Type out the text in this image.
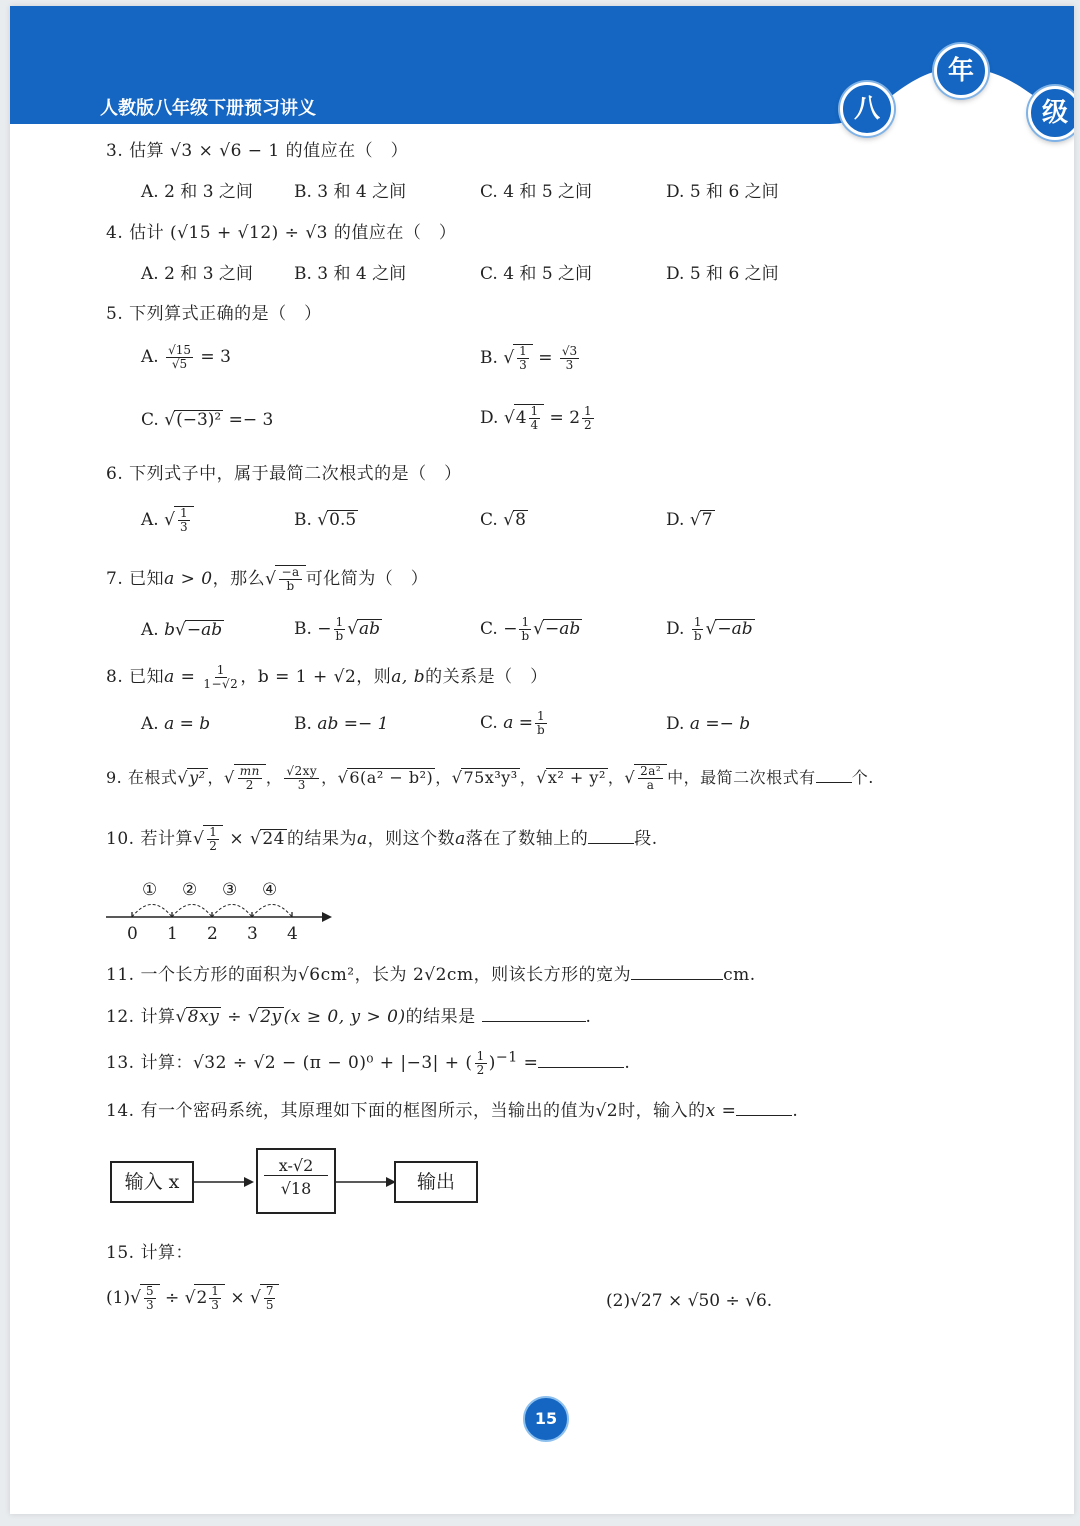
人教版八年级下册预习讲义	八
年
级
3. 估算 √3 × √6 − 1 的值应在（　）
A. 2 和 3 之间 B. 3 和 4 之间	C. 4 和 5 之间	D. 5 和 6 之间
4. 估计 (√15 + √12) ÷ √3 的值应在（　）
A. 2 和 3 之间 B. 3 和 4 之间	C. 4 和 5 之间	D. 5 和 6 之间
5. 下列算式正确的是（　）
A. $\frac{√15}{√5} = 3$	B. √ $\frac{1}{3} = \frac{√3}{3}$
C. √(−3)² =− 3	D. $√4 \frac{1}{4} = 2 \frac{1}{2}$
6. 下列式子中，属于最简二次根式的是（　）
A. √ $\frac{1}{3}$	B. √0.5	C. √8	D. √7
7. 已知a > 0，那么√ $\frac{-a}{b}$ 可化简为（　）
A. b√−ab	B. − $\frac{1}{b} √ab$	C. − $\frac{1}{b} √-ab$	D. $\frac{1}{b} √-ab$
8. 已知$a = \frac{1}{1-√2}$ ，b = 1 + √2，则a, b的关系是（　）
A. a = b	B. ab =− 1	C. $a = \frac{1}{b}$	D. a =− b
9. 在根式√y² ，√ $\frac{mn}{2}$ ， $\frac{√2xy}{3}$ ，√6(a² − b²) ，√75x³y³ ，√x² + y² ，√ $\frac{\text{2a²}}{a}$ 中，最简二次根式有 个.
10. 若计算√ $\frac{1}{2} \times √24$ 的结果为a，则这个数a落在了数轴上的	段.
① ② ③ ④
0 1 2 3 4
11. 一个长方形的面积为√6cm²，长为 2√2cm，则该长方形的宽为	cm.
12. 计算√8xy ÷ √2y (x ≥ 0, y > 0)的结果是	.
13. 计算：√32 ÷ √2 − (π − 0)⁰ + |−3| + ( $\frac{1}{2} )^{-1}$ =	.
14. 有一个密码系统，其原理如下面的框图所示，当输出的值为√2时，输入的x =	.
输入 x	$\frac{x-√2}{√18}$	输出
15. 计算：
$(1)√ \frac{5}{3} \div √2 \frac{1}{3}$ × √ $\frac{7}{5}$	(2)√27 × √50 ÷ √6.
15
